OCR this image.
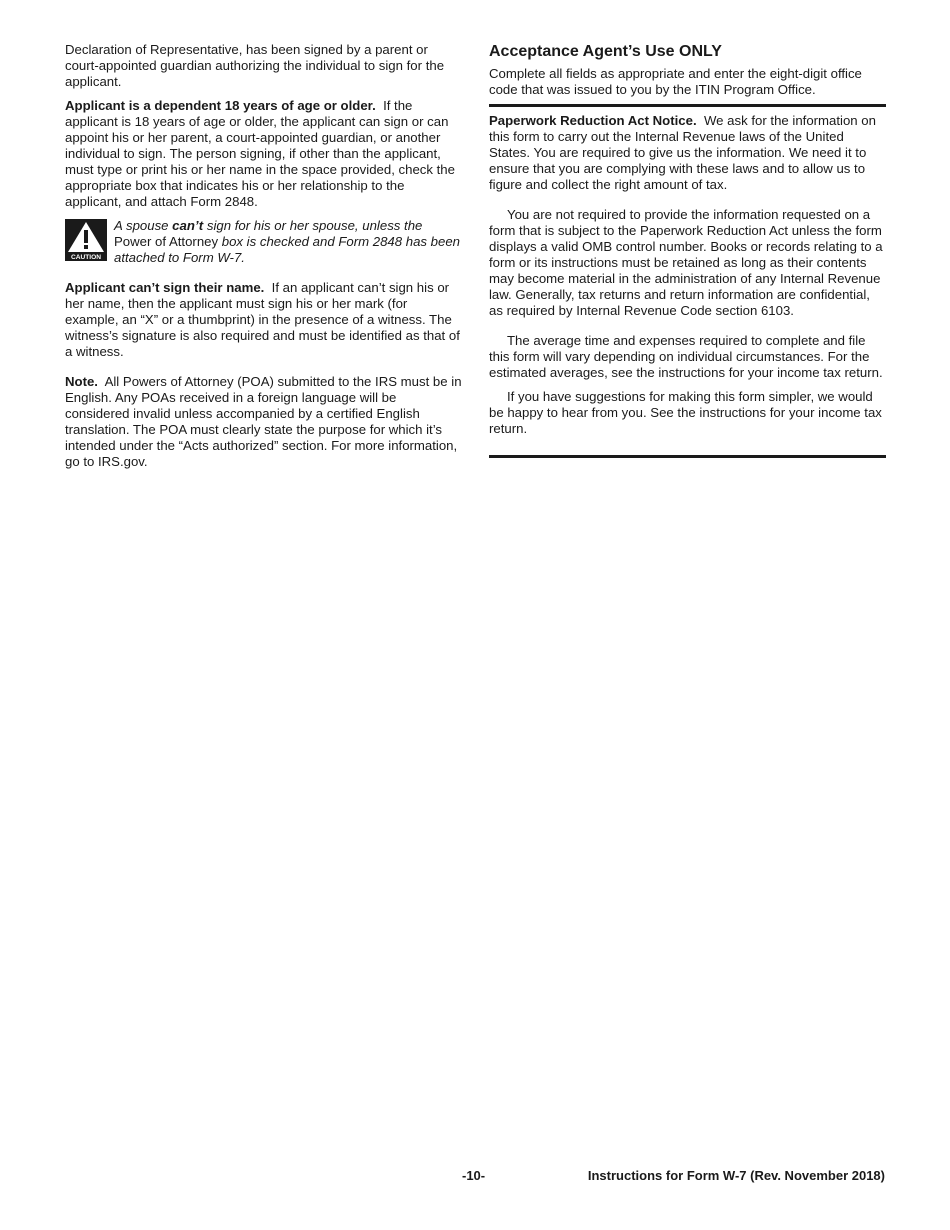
Declaration of Representative, has been signed by a parent or court-appointed guardian authorizing the individual to sign for the applicant.

Applicant is a dependent 18 years of age or older. If the applicant is 18 years of age or older, the applicant can sign or can appoint his or her parent, a court-appointed guardian, or another individual to sign. The person signing, if other than the applicant, must type or print his or her name in the space provided, check the appropriate box that indicates his or her relationship to the applicant, and attach Form 2848.

CAUTION
A spouse can’t sign for his or her spouse, unless the Power of Attorney box is checked and Form 2848 has been attached to Form W-7.

Applicant can’t sign their name. If an applicant can’t sign his or her name, then the applicant must sign his or her mark (for example, an “X” or a thumbprint) in the presence of a witness. The witness’s signature is also required and must be identified as that of a witness.

Note. All Powers of Attorney (POA) submitted to the IRS must be in English. Any POAs received in a foreign language will be considered invalid unless accompanied by a certified English translation. The POA must clearly state the purpose for which it’s intended under the “Acts authorized” section. For more information, go to IRS.gov.

Acceptance Agent’s Use ONLY

Complete all fields as appropriate and enter the eight-digit office code that was issued to you by the ITIN Program Office.

Paperwork Reduction Act Notice. We ask for the information on this form to carry out the Internal Revenue laws of the United States. You are required to give us the information. We need it to ensure that you are complying with these laws and to allow us to figure and collect the right amount of tax.

You are not required to provide the information requested on a form that is subject to the Paperwork Reduction Act unless the form displays a valid OMB control number. Books or records relating to a form or its instructions must be retained as long as their contents may become material in the administration of any Internal Revenue law. Generally, tax returns and return information are confidential, as required by Internal Revenue Code section 6103.

The average time and expenses required to complete and file this form will vary depending on individual circumstances. For the estimated averages, see the instructions for your income tax return.

If you have suggestions for making this form simpler, we would be happy to hear from you. See the instructions for your income tax return.

-10-	Instructions for Form W-7 (Rev. November 2018)
